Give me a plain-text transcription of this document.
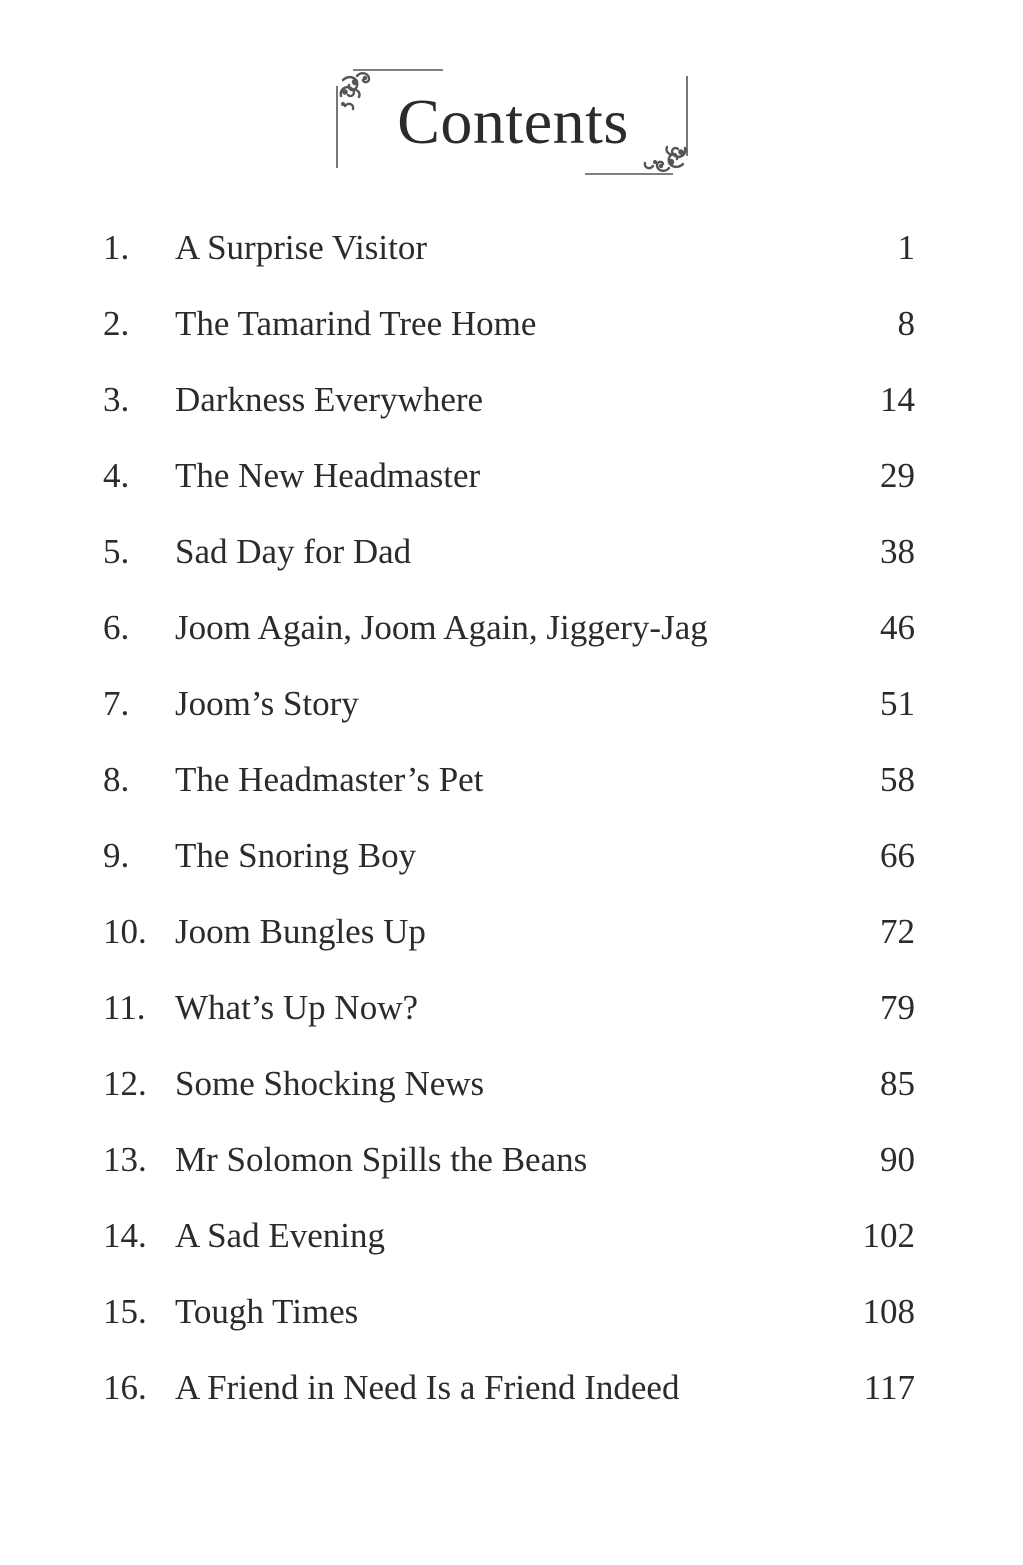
Contents
1. A Surprise Visitor	1
2. The Tamarind Tree Home	8
3. Darkness Everywhere	14
4. The New Headmaster	29
5. Sad Day for Dad	38
6. Joom Again, Joom Again, Jiggery-Jag	46
7. Joom’s Story	51
8. The Headmaster’s Pet	58
9. The Snoring Boy	66
10. Joom Bungles Up	72
11. What’s Up Now?	79
12. Some Shocking News	85
13. Mr Solomon Spills the Beans	90
14. A Sad Evening	102
15. Tough Times	108
16. A Friend in Need Is a Friend Indeed	117
